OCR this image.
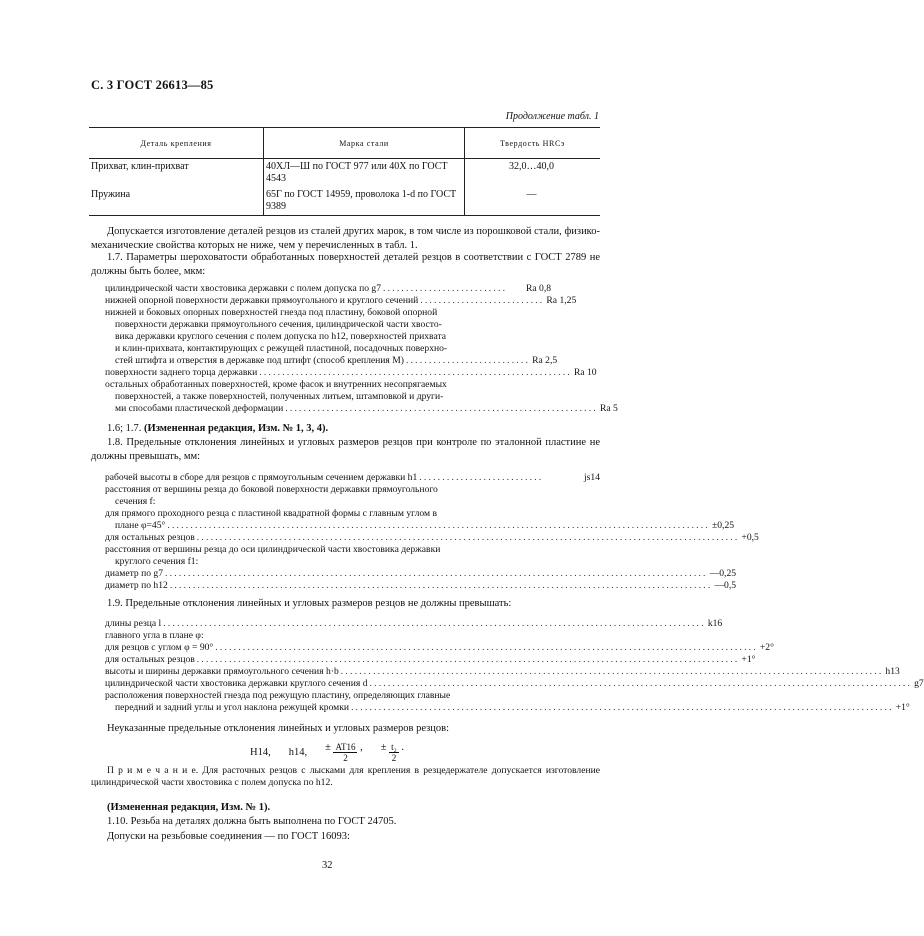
С. 3 ГОСТ 26613—85
Продолжение табл. 1
Деталь крепления	Марка стали	Твердость HRCэ
Прихват, клин-прихват	40ХЛ—Ш по ГОСТ 977 или 40Х по ГОСТ 4543	32,0…40,0
Пружина	65Г по ГОСТ 14959, проволока 1-d по ГОСТ 9389	—
Допускается изготовление деталей резцов из сталей других марок, в том числе из порошковой стали, физико-механические свойства которых не ниже, чем у перечисленных в табл. 1.
1.7. Параметры шероховатости обработанных поверхностей деталей резцов в соответствии с ГОСТ 2789 не должны быть более, мкм:
цилиндрической части хвостовика державки с полем допуска по g7 ...........................	Ra 0,8
нижней опорной поверхности державки прямоугольного и круглого сечений ........................... Ra 1,25
нижней и боковых опорных поверхностей гнезда под пластину, боковой опорной
поверхности державки прямоугольного сечения, цилиндрической части хвосто-
вика державки круглого сечения с полем допуска по h12, поверхностей прихвата
и клин-прихвата, контактирующих с режущей пластиной, посадочных поверхно-
стей штифта и отверстия в державке под штифт (способ крепления М) ........................... Ra 2,5
поверхности заднего торца державки .................................................................... Ra 10
остальных обработанных поверхностей, кроме фасок и внутренних несопрягаемых
поверхностей, а также поверхностей, полученных литьем, штамповкой и други-
ми способами пластической деформации .................................................................... Ra 5
1.6; 1.7. (Измененная редакция, Изм. № 1, 3, 4).
1.8. Предельные отклонения линейных и угловых размеров резцов при контроле по эталонной пластине не должны превышать, мм:
рабочей высоты в сборе для резцов с прямоугольным сечением державки h1 ...........................	js14
расстояния от вершины резца до боковой поверхности державки прямоугольного
сечения f:
для прямого проходного резца с пластиной квадратной формы с главным углом в
плане φ=45° ...................................................................................................................... ±0,25
для остальных резцов ...................................................................................................................... +0,5
расстояния от вершины резца до оси цилиндрической части хвостовика державки
круглого сечения f1:
диаметр по g7 ...................................................................................................................... —0,25
диаметр по h12 ...................................................................................................................... —0,5
1.9. Предельные отклонения линейных и угловых размеров резцов не должны превышать:
длины резца l ...................................................................................................................... k16
главного угла в плане φ:
для резцов с углом φ = 90° ...................................................................................................................... +2°
для остальных резцов ...................................................................................................................... +1°
высоты и ширины державки прямоугольного сечения h·b ...................................................................................................................... h13
цилиндрической части хвостовика державки круглого сечения d ...................................................................................................................... g7
расположения поверхностей гнезда под режущую пластину, определяющих главные
передний и задний углы и угол наклона режущей кромки ...................................................................................................................... +1°
Неуказанные предельные отклонения линейных и угловых размеров резцов:
H14, h14, ± $\frac{AT16}{2}$ , ± $\frac{\text{t₂}}{2}$ .
П р и м е ч а н и е. Для расточных резцов с лысками для крепления в резцедержателе допускается изготовление цилиндрической части хвостовика с полем допуска по h12.
(Измененная редакция, Изм. № 1).
1.10. Резьба на деталях должна быть выполнена по ГОСТ 24705.
Допуски на резьбовые соединения — по ГОСТ 16093:
32
